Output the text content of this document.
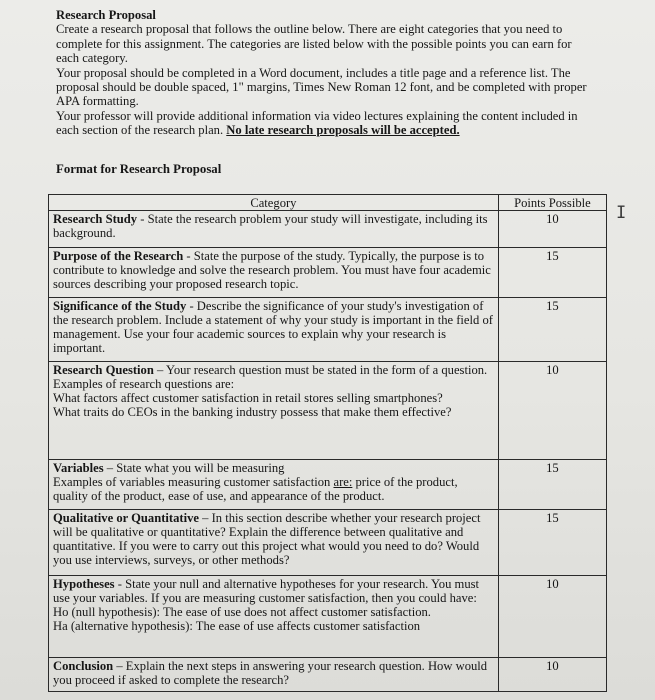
Research Proposal

Create a research proposal that follows the outline below. There are eight categories that you need to complete for this assignment. The categories are listed below with the possible points you can earn for each category.

Your proposal should be completed in a Word document, includes a title page and a reference list. The proposal should be double spaced, 1" margins, Times New Roman 12 font, and be completed with proper APA formatting.

Your professor will provide additional information via video lectures explaining the content included in each section of the research plan. No late research proposals will be accepted.

Format for Research Proposal
Category	Points Possible
Research Study - State the research problem your study will investigate, including its background.	10
Purpose of the Research - State the purpose of the study. Typically, the purpose is to contribute to knowledge and solve the research problem. You must have four academic sources describing your proposed research topic.	15
Significance of the Study - Describe the significance of your study's investigation of the research problem. Include a statement of why your study is important in the field of management. Use your four academic sources to explain why your research is important.	15
Research Question – Your research question must be stated in the form of a question.
Examples of research questions are:
What factors affect customer satisfaction in retail stores selling smartphones?
What traits do CEOs in the banking industry possess that make them effective?	10
Variables – State what you will be measuring
Examples of variables measuring customer satisfaction are: price of the product, quality of the product, ease of use, and appearance of the product.	15
Qualitative or Quantitative – In this section describe whether your research project will be qualitative or quantitative? Explain the difference between qualitative and quantitative. If you were to carry out this project what would you need to do? Would you use interviews, surveys, or other methods?	15
Hypotheses - State your null and alternative hypotheses for your research. You must use your variables. If you are measuring customer satisfaction, then you could have:
Ho (null hypothesis): The ease of use does not affect customer satisfaction.
Ha (alternative hypothesis): The ease of use affects customer satisfaction	10
Conclusion – Explain the next steps in answering your research question. How would you proceed if asked to complete the research?	10
I
